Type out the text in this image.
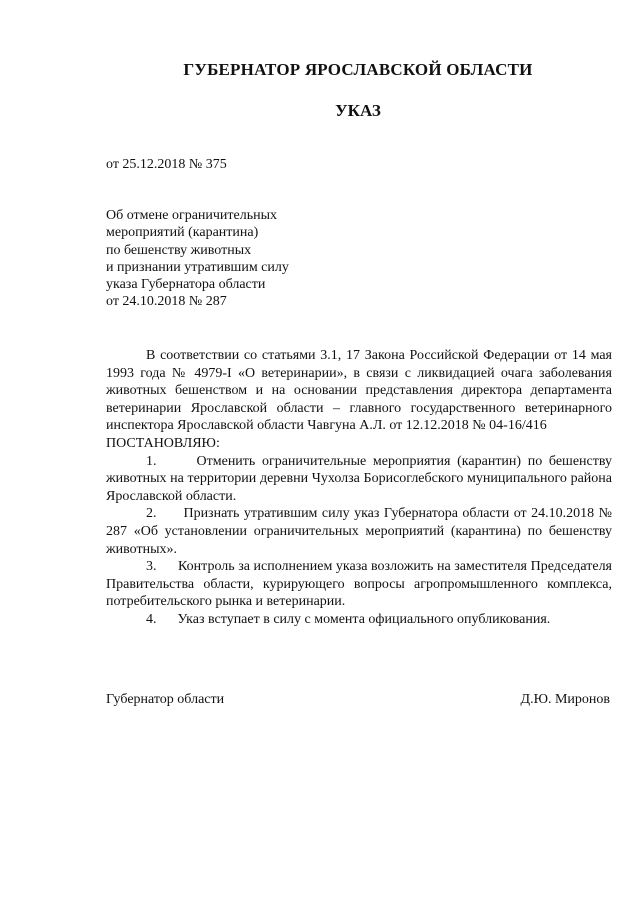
ГУБЕРНАТОР ЯРОСЛАВСКОЙ ОБЛАСТИ
УКАЗ
от 25.12.2018 № 375
Об отмене ограничительных
мероприятий (карантина)
по бешенству животных
и признании утратившим силу
указа Губернатора области
от 24.10.2018 № 287

В соответствии со статьями 3.1, 17 Закона Российской Федерации от 14 мая 1993 года № 4979-I «О ветеринарии», в связи с ликвидацией очага заболевания животных бешенством и на основании представления директора департамента ветеринарии Ярославской области – главного государственного ветеринарного инспектора Ярославской области Чавгуна А.Л. от 12.12.2018 № 04-16/416

ПОСТАНОВЛЯЮ:

1.	Отменить ограничительные мероприятия (карантин) по бешенству животных на территории деревни Чухолза Борисоглебского муниципального района Ярославской области.

2. Признать утратившим силу указ Губернатора области от 24.10.2018 № 287 «Об установлении ограничительных мероприятий (карантина) по бешенству животных».

3. Контроль за исполнением указа возложить на заместителя Председателя Правительства области, курирующего вопросы агропромышленного комплекса, потребительского рынка и ветеринарии.

4. Указ вступает в силу с момента официального опубликования.

Губернатор области	Д.Ю. Миронов
